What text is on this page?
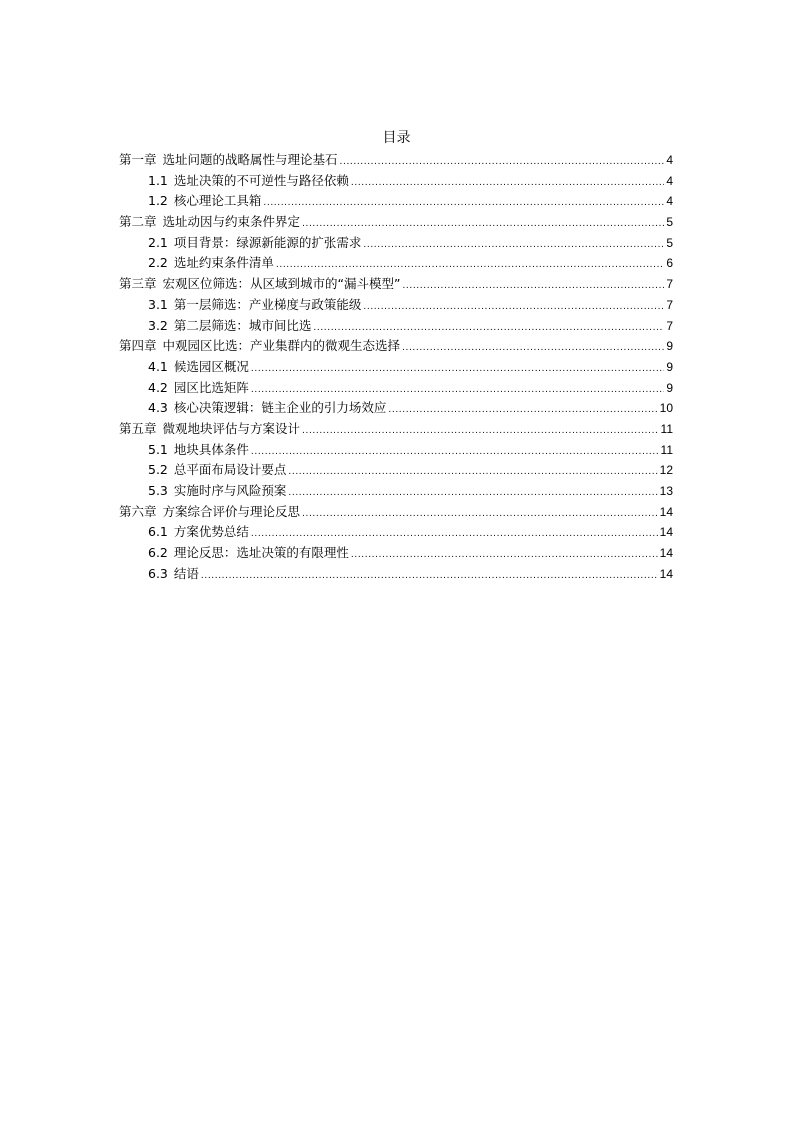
目录
第一章 选址问题的战略属性与理论基石 .....	4
1.1 选址决策的不可逆性与路径依赖 .....	4
1.2 核心理论工具箱 .....	4
第二章 选址动因与约束条件界定 .....	5
2.1 项目背景：绿源新能源的扩张需求 .....	5
2.2 选址约束条件清单 .....	6
第三章 宏观区位筛选：从区域到城市的“漏斗模型” .....	7
3.1 第一层筛选：产业梯度与政策能级 .....	7
3.2 第二层筛选：城市间比选 .....	7
第四章 中观园区比选：产业集群内的微观生态选择 .....	9
4.1 候选园区概况 .....	9
4.2 园区比选矩阵 .....	9
4.3 核心决策逻辑：链主企业的引力场效应 .....	10
第五章 微观地块评估与方案设计 .....	11
5.1 地块具体条件 .....	11
5.2 总平面布局设计要点 .....	12
5.3 实施时序与风险预案 .....	13
第六章 方案综合评价与理论反思 .....	14
6.1 方案优势总结 .....	14
6.2 理论反思：选址决策的有限理性 .....	14
6.3 结语 .....	14
